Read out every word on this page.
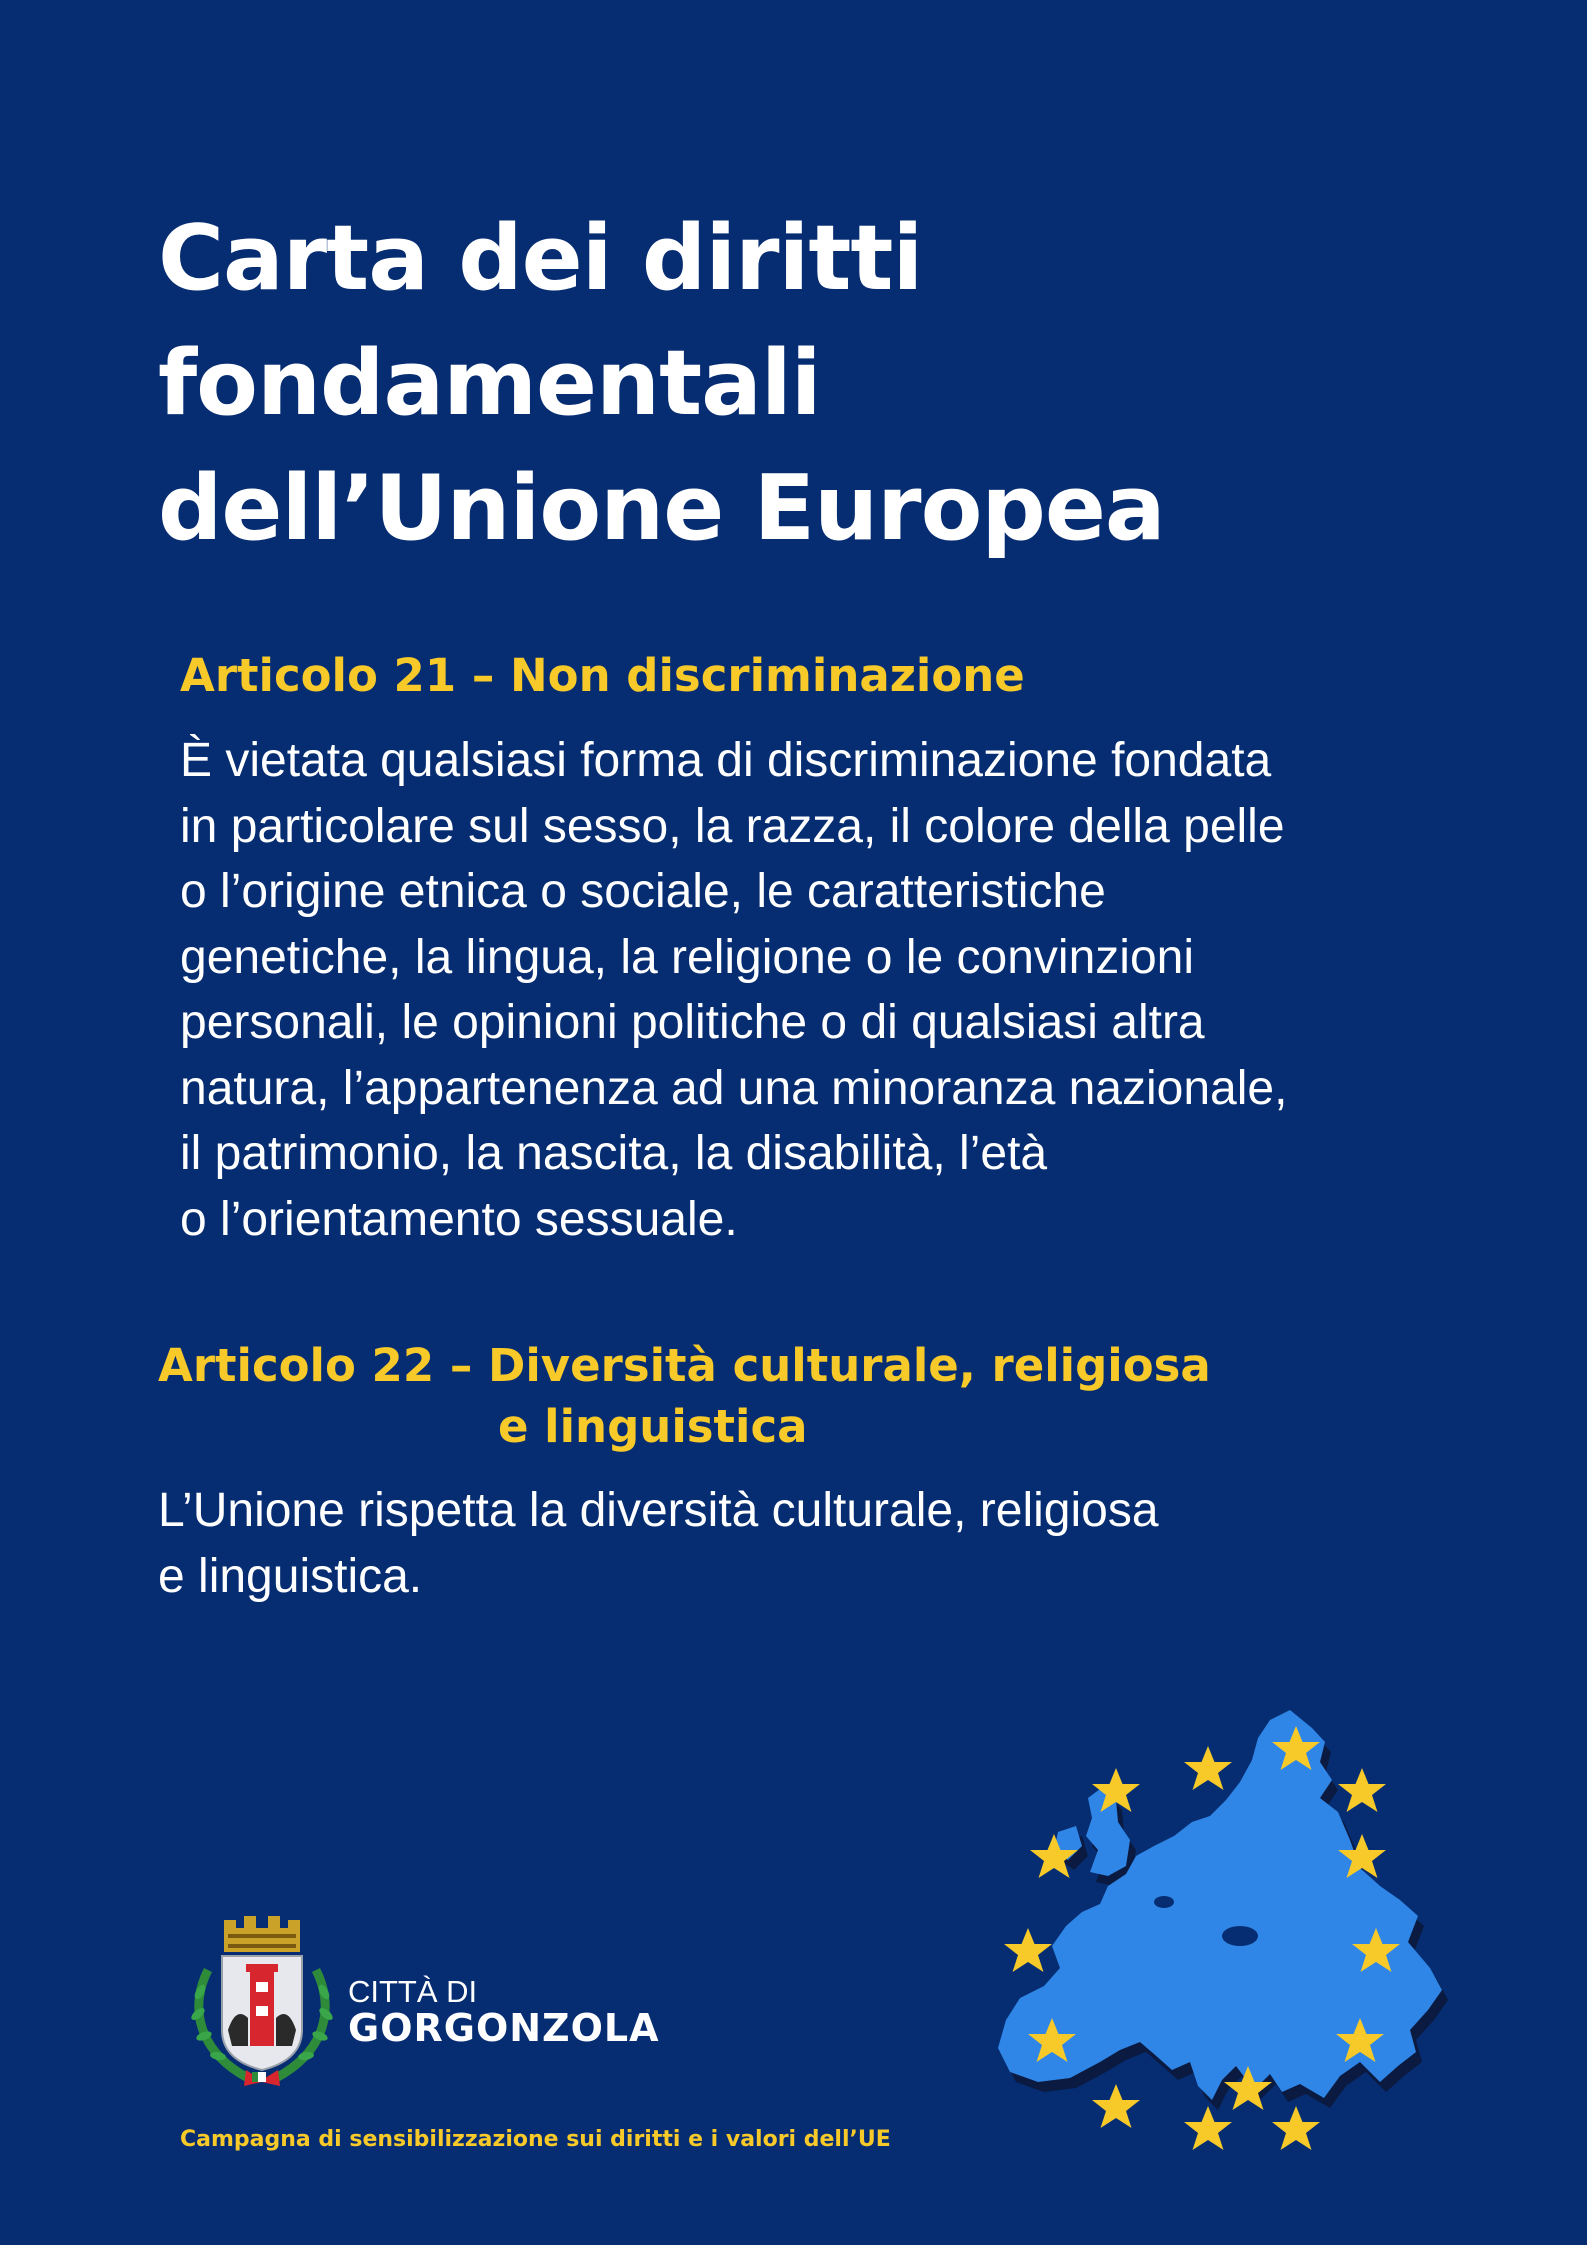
Carta dei diritti
fondamentali
dell’Unione Europea
Articolo 21 – Non discriminazione

È vietata qualsiasi forma di discriminazione fondata
in particolare sul sesso, la razza, il colore della pelle
o l’origine etnica o sociale, le caratteristiche
genetiche, la lingua, la religione o le convinzioni
personali, le opinioni politiche o di qualsiasi altra
natura, l’appartenenza ad una minoranza nazionale,
il patrimonio, la nascita, la disabilità, l’età
o l’orientamento sessuale.

Articolo 22 – Diversità culturale, religiosa
e linguistica

L’Unione rispetta la diversità culturale, religiosa
e linguistica.

CITTÀ DI
GORGONZOLA
Campagna di sensibilizzazione sui diritti e i valori dell’UE
